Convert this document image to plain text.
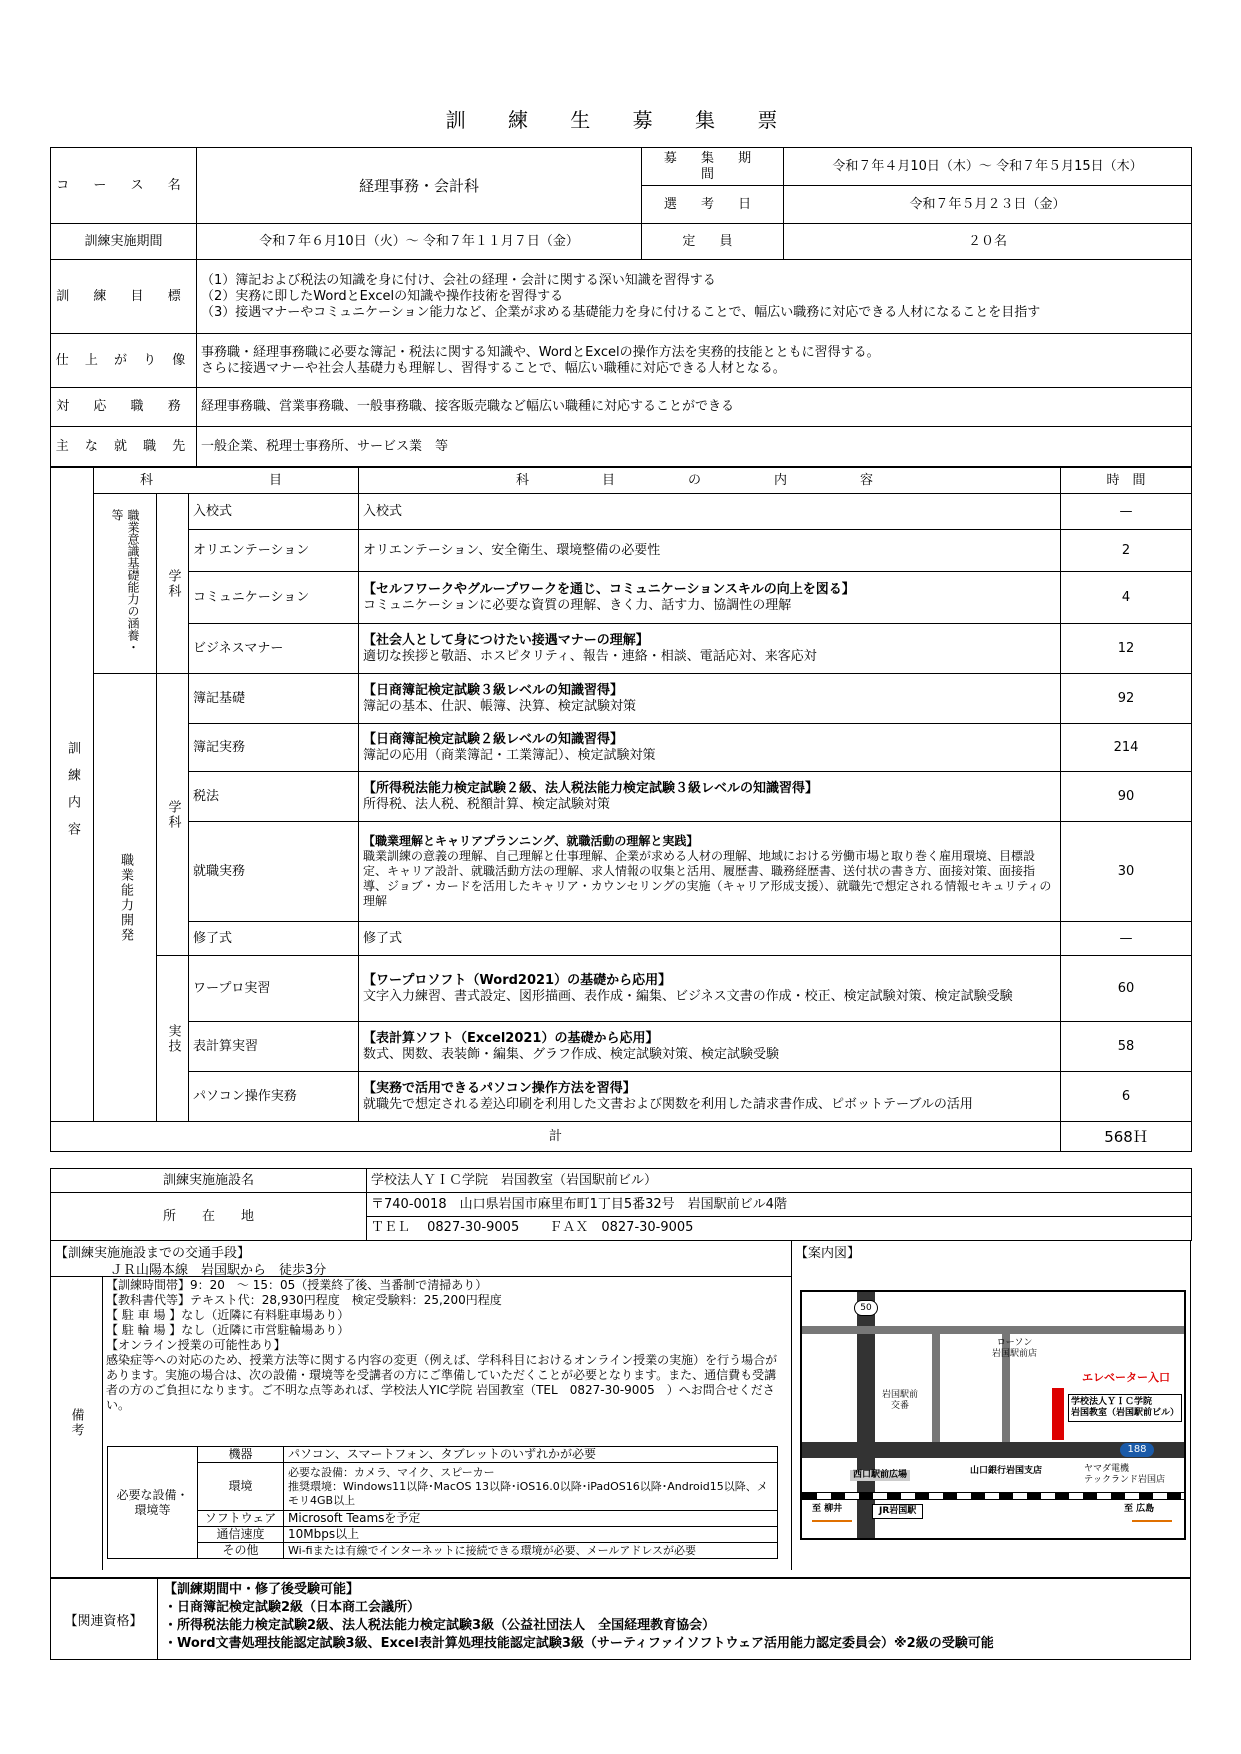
訓 練 生 募 集 票
コ ー ス 名	経理事務・会計科	募 集 期 間	令和７年４月10日（木）～ 令和７年５月15日（木）
		選 考 日	令和７年５月２３日（金）
訓練実施期間	令和７年６月10日（火）～ 令和７年１１月７日（金）	定 員	２０名
訓 練 目 標	（1）簿記および税法の知識を身に付け、会社の経理・会計に関する深い知識を習得する
（2）実務に即したWordとExcelの知識や操作技術を習得する
（3）接遇マナーやコミュニケーション能力など、企業が求める基礎能力を身に付けることで、幅広い職務に対応できる人材になることを目指す		

仕 上 が り 像	事務職・経理事務職に必要な簿記・税法に関する知識や、WordとExcelの操作方法を実務的技能とともに習得する。
さらに接遇マナーや社会人基礎力も理解し、習得することで、幅広い職種に対応できる人材となる。		

対 応 職 務	経理事務職、営業事務職、一般事務職、接客販売職など幅広い職種に対応することができる		
主 な 就 職 先	一般企業、税理士事務所、サービス業　等		
訓練内容	科　　目			科　目　の　内　容	時　間

	職業意識基礎能力の涵養・等	学科	入校式	入校式	—
			オリエンテーション	オリエンテーション、安全衛生、環境整備の必要性	2
			コミュニケーション	【セルフワークやグループワークを通じ、コミュニケーションスキルの向上を図る】
コミュニケーションに必要な資質の理解、きく力、話す力、協調性の理解	4
			ビジネスマナー	【社会人として身につけたい接遇マナーの理解】
適切な挨拶と敬語、ホスピタリティ、報告・連絡・相談、電話応対、来客応対	12

	職業能力開発	学科	簿記基礎	【日商簿記検定試験３級レベルの知識習得】
簿記の基本、仕訳、帳簿、決算、検定試験対策	92
			簿記実務	【日商簿記検定試験２級レベルの知識習得】
簿記の応用（商業簿記・工業簿記）、検定試験対策	214
			税法	【所得税法能力検定試験２級、法人税法能力検定試験３級レベルの知識習得】
所得税、法人税、税額計算、検定試験対策	90
			就職実務	【職業理解とキャリアプランニング、就職活動の理解と実践】
職業訓練の意義の理解、自己理解と仕事理解、企業が求める人材の理解、地域における労働市場と取り巻く雇用環境、目標設定、キャリア設計、就職活動方法の理解、求人情報の収集と活用、履歴書、職務経歴書、送付状の書き方、面接対策、面接指導、ジョブ・カードを活用したキャリア・カウンセリングの実施（キャリア形成支援）、就職先で想定される情報セキュリティの理解	30
			修了式	修了式	—

		実技	ワープロ実習	【ワープロソフト（Word2021）の基礎から応用】
文字入力練習、書式設定、図形描画、表作成・編集、ビジネス文書の作成・校正、検定試験対策、検定試験受験	60
			表計算実習	【表計算ソフト（Excel2021）の基礎から応用】
数式、関数、表装飾・編集、グラフ作成、検定試験対策、検定試験受験	58
			パソコン操作実務	【実務で活用できるパソコン操作方法を習得】
就職先で想定される差込印刷を利用した文書および関数を利用した請求書作成、ピボットテーブルの活用	6
計					568Ｈ
訓練実施施設名	学校法人ＹＩＣ学院　岩国教室（岩国駅前ビル）
所　　在　　地	〒740-0018　山口県岩国市麻里布町1丁目5番32号　岩国駅前ビル4階
ＴＥＬ　 0827-30-9005　　 ＦＡＸ　0827-30-9005
【訓練実施施設までの交通手段】
ＪＲ山陽本線　岩国駅から　徒歩3分
【案内図】
備考
【訓練時間帯】9：20　～ 15：05（授業終了後、当番制で清掃あり）
【教科書代等】テキスト代：28,930円程度　検定受験料：25,200円程度
【 駐 車 場 】なし（近隣に有料駐車場あり）
【 駐 輪 場 】なし（近隣に市営駐輪場あり）
【オンライン授業の可能性あり】
感染症等への対応のため、授業方法等に関する内容の変更（例えば、学科科目におけるオンライン授業の実施）を行う場合があります。実施の場合は、次の設備・環境等を受講者の方にご準備していただくことが必要となります。また、通信費も受講者の方のご負担になります。ご不明な点等あれば、学校法人YIC学院 岩国教室（TEL　0827-30-9005　）へお問合せください。
必要な設備・環境等	機器	パソコン、スマートフォン、タブレットのいずれかが必要
	環境	必要な設備：カメラ、マイク、スピーカー
推奨環境：Windows11以降･MacOS 13以降･iOS16.0以降･iPadOS16以降･Android15以降、メモリ4GB以上
	ソフトウェア	Microsoft Teamsを予定
	通信速度	10Mbps以上
	その他	Wi-fiまたは有線でインターネットに接続できる環境が必要、メールアドレスが必要
50
188
ローソン
岩国駅前店
エレベーター入口
学校法人ＹＩＣ学院
岩国教室（岩国駅前ビル）
岩国駅前
交番
山口銀行岩国支店	ヤマダ電機
テックランド岩国店
西口駅前広場
JR岩国駅
至 柳井	至 広島
【関連資格】
【訓練期間中・修了後受験可能】
・日商簿記検定試験2級（日本商工会議所）
・所得税法能力検定試験2級、法人税法能力検定試験3級（公益社団法人　全国経理教育協会）
・Word文書処理技能認定試験3級、Excel表計算処理技能認定試験3級（サーティファイソフトウェア活用能力認定委員会）※2級の受験可能
